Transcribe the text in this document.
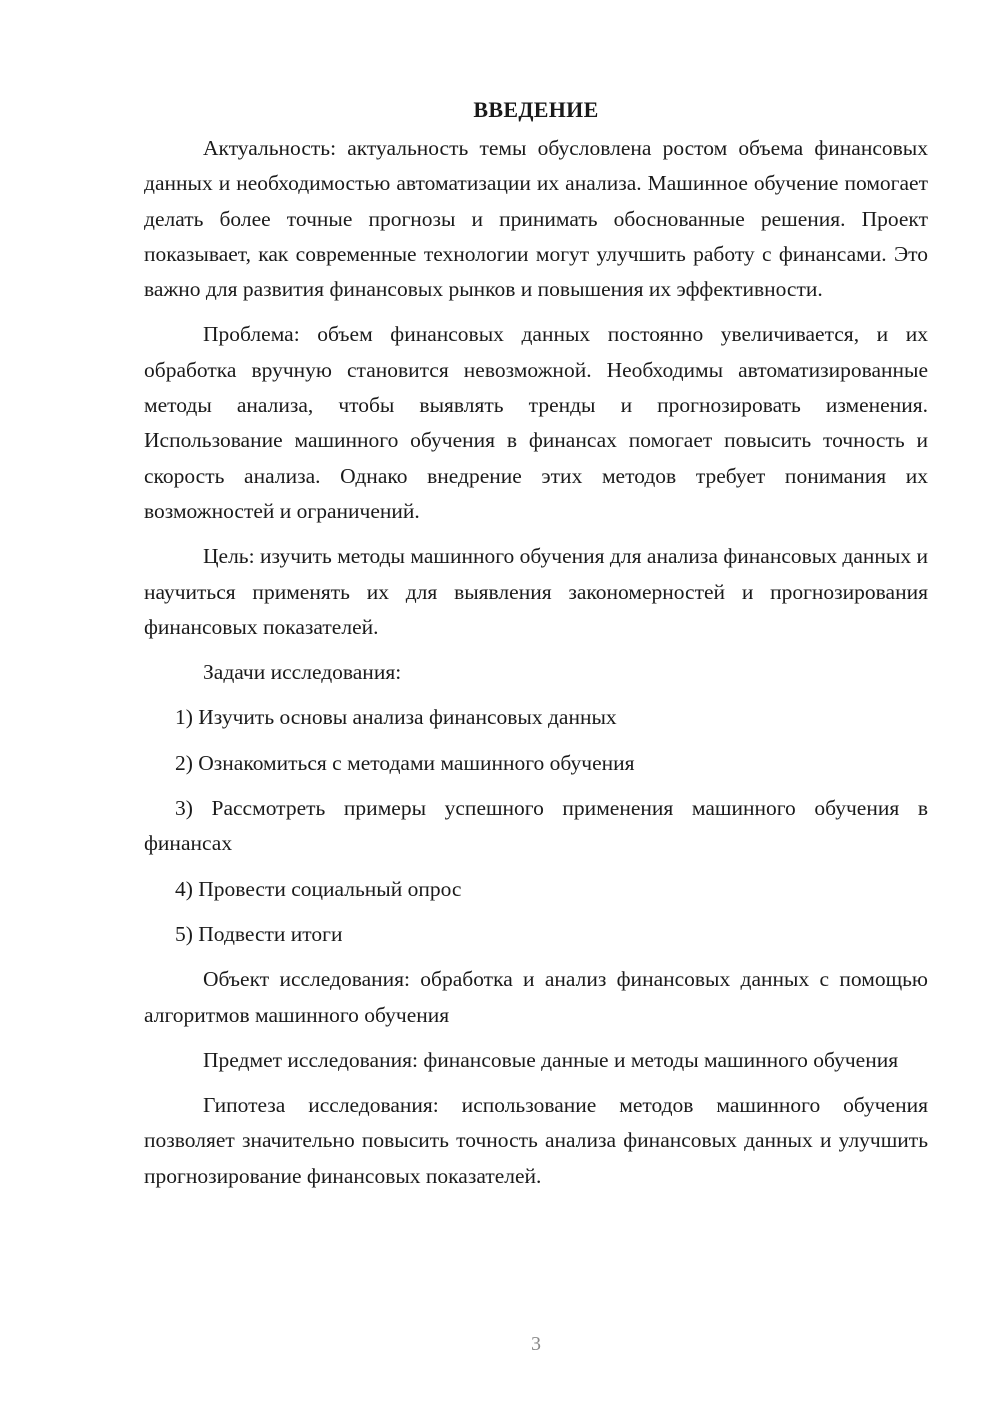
ВВЕДЕНИЕ

Актуальность: актуальность темы обусловлена ростом объема финансовых данных и необходимостью автоматизации их анализа. Машинное обучение помогает делать более точные прогнозы и принимать обоснованные решения. Проект показывает, как современные технологии могут улучшить работу с финансами. Это важно для развития финансовых рынков и повышения их эффективности.

Проблема: объем финансовых данных постоянно увеличивается, и их обработка вручную становится невозможной. Необходимы автоматизированные методы анализа, чтобы выявлять тренды и прогнозировать изменения. Использование машинного обучения в финансах помогает повысить точность и скорость анализа. Однако внедрение этих методов требует понимания их возможностей и ограничений.

Цель: изучить методы машинного обучения для анализа финансовых данных и научиться применять их для выявления закономерностей и прогнозирования финансовых показателей.

Задачи исследования:

1) Изучить основы анализа финансовых данных

2) Ознакомиться с методами машинного обучения

3) Рассмотреть примеры успешного применения машинного обучения в финансах

4) Провести социальный опрос

5) Подвести итоги

Объект исследования: обработка и анализ финансовых данных с помощью алгоритмов машинного обучения

Предмет исследования: финансовые данные и методы машинного обучения

Гипотеза исследования: использование методов машинного обучения позволяет значительно повысить точность анализа финансовых данных и улучшить прогнозирование финансовых показателей.

3
